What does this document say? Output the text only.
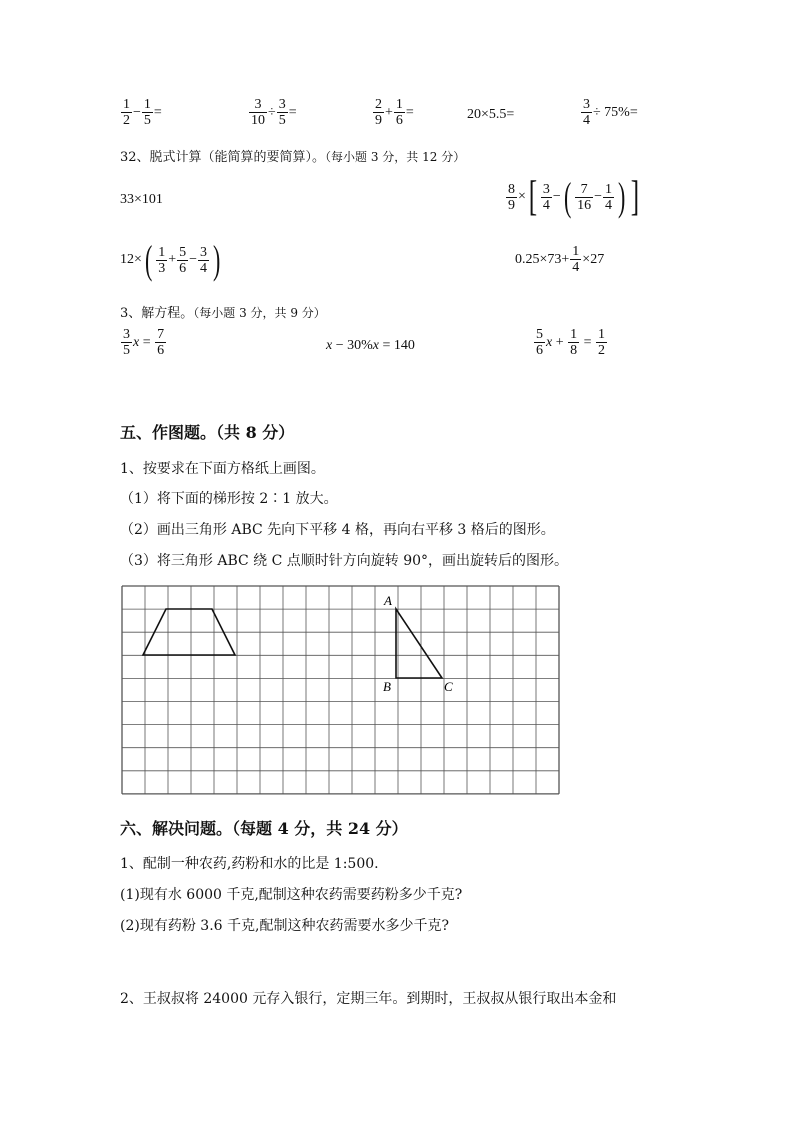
$\frac{1}{2} - \frac{1}{5}$ =	$\frac{3}{10} \div \frac{3}{5}$ =	$\frac{2}{9} + \frac{1}{6}$ =	20×5.5=	$\frac{3}{4} \div 75\%=$
32、脱式计算（能简算的要简算）。（每小题 3 分，共 12 分）
33×101	$\frac{8}{9}$ × [ $\frac{3}{4}$ − ( $\frac{7}{16} - \frac{1}{4}$ ) ]
12× ( $\frac{1}{3} + \frac{5}{6} - \frac{3}{4}$ )	$0.25\times 73+ \frac{1}{4} \times 27$
3、解方程。（每小题 3 分，共 9 分）
$\frac{3}{5}$ $x = \frac{7}{6}$	x − 30%x = 140	$\frac{5}{6}$ $x + \frac{1}{8} = \frac{1}{2}$
五、作图题。（共 8 分）
1、按要求在下面方格纸上画图。
（1）将下面的梯形按 2∶1 放大。
（2）画出三角形 ABC 先向下平移 4 格，再向右平移 3 格后的图形。
（3）将三角形 ABC 绕 C 点顺时针方向旋转 90°，画出旋转后的图形。
A
B	C
六、解决问题。（每题 4 分，共 24 分）
1、配制一种农药,药粉和水的比是 1:500.
(1)现有水 6000 千克,配制这种农药需要药粉多少千克?
(2)现有药粉 3.6 千克,配制这种农药需要水多少千克?
2、王叔叔将 24000 元存入银行，定期三年。到期时，王叔叔从银行取出本金和
